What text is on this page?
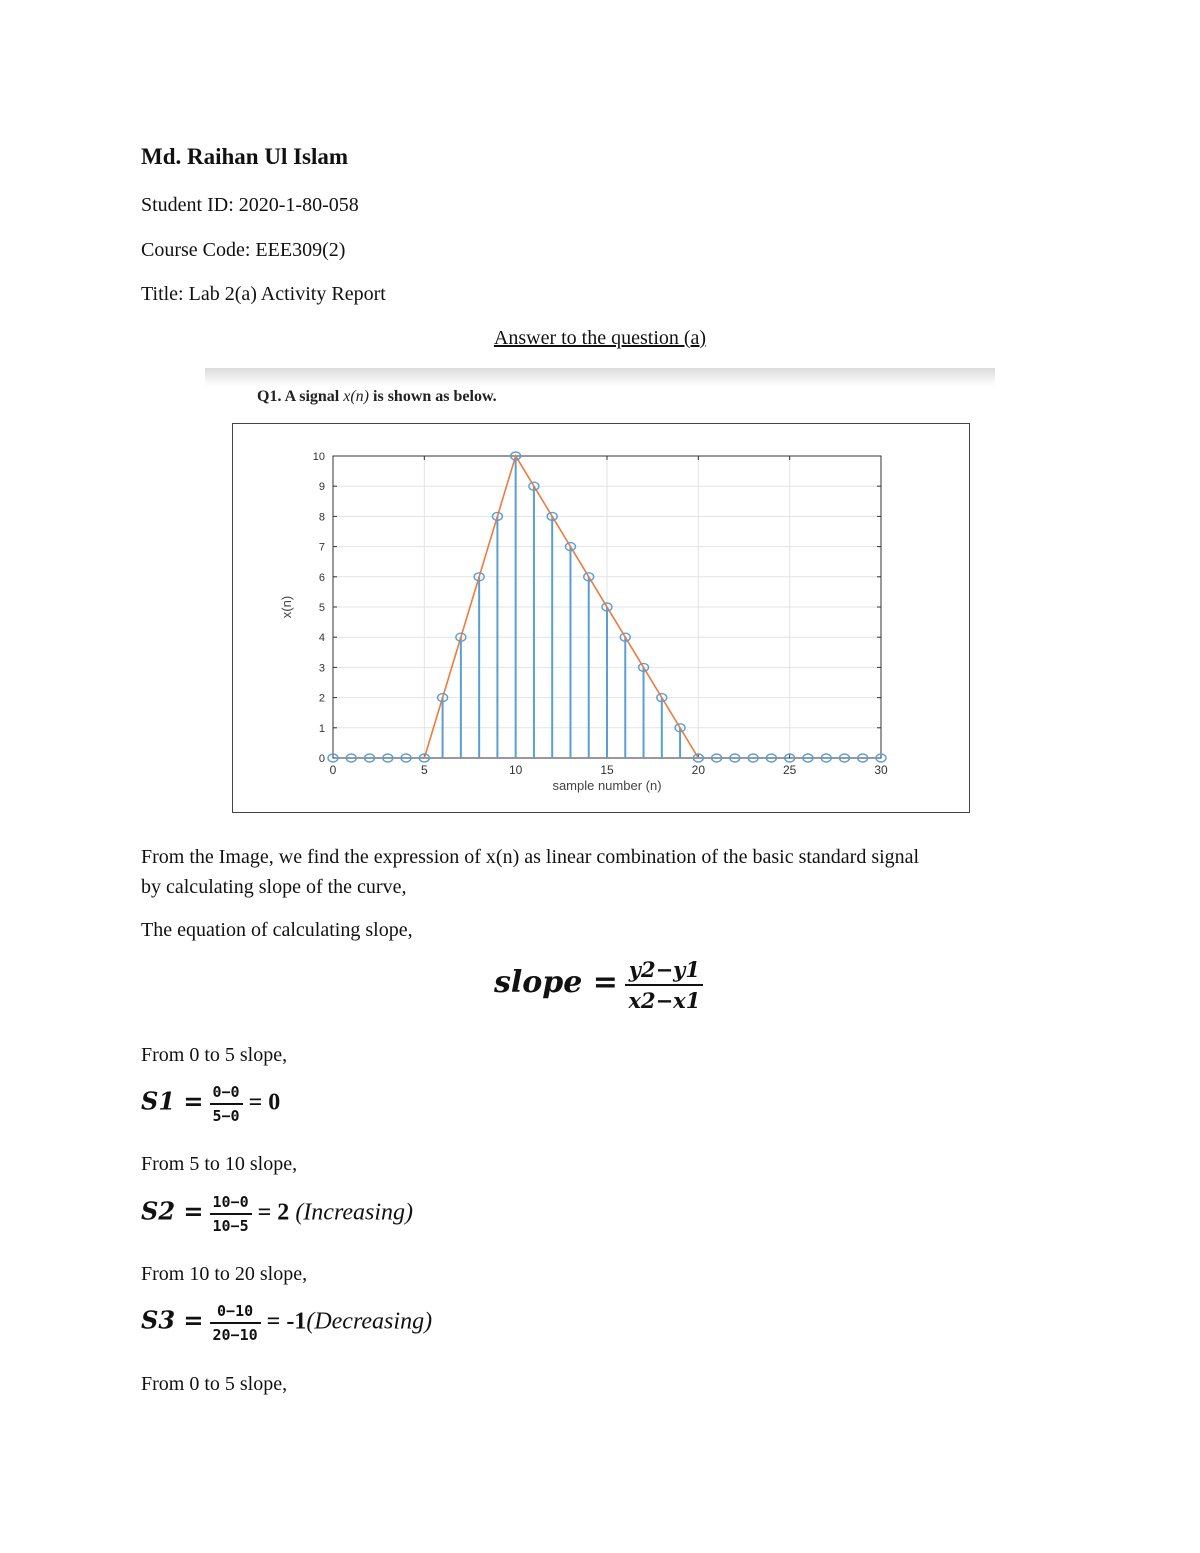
Md. Raihan Ul Islam
Student ID: 2020-1-80-058
Course Code: EEE309(2)
Title: Lab 2(a) Activity Report
Answer to the question (a)
Q1. A signal x(n) is shown as below.
0	5	10	15	20	25	30
0
1
2
3
4
5
6
7
8
9
10
sample number (n)
x(n)
From the Image, we find the expression of x(n) as linear combination of the basic standard signal
by calculating slope of the curve,
The equation of calculating slope,
slope = $\frac{y2-y1}{x2-x1}$
From 0 to 5 slope,
$S1 = \frac{0-0}{5-0} = 0$
From 5 to 10 slope,
$S2 = \frac{10-0}{10-5} = 2$ (Increasing)
From 10 to 20 slope,
$S3 = \frac{0-10}{20-10}$ = -1(Decreasing)
From 0 to 5 slope,
